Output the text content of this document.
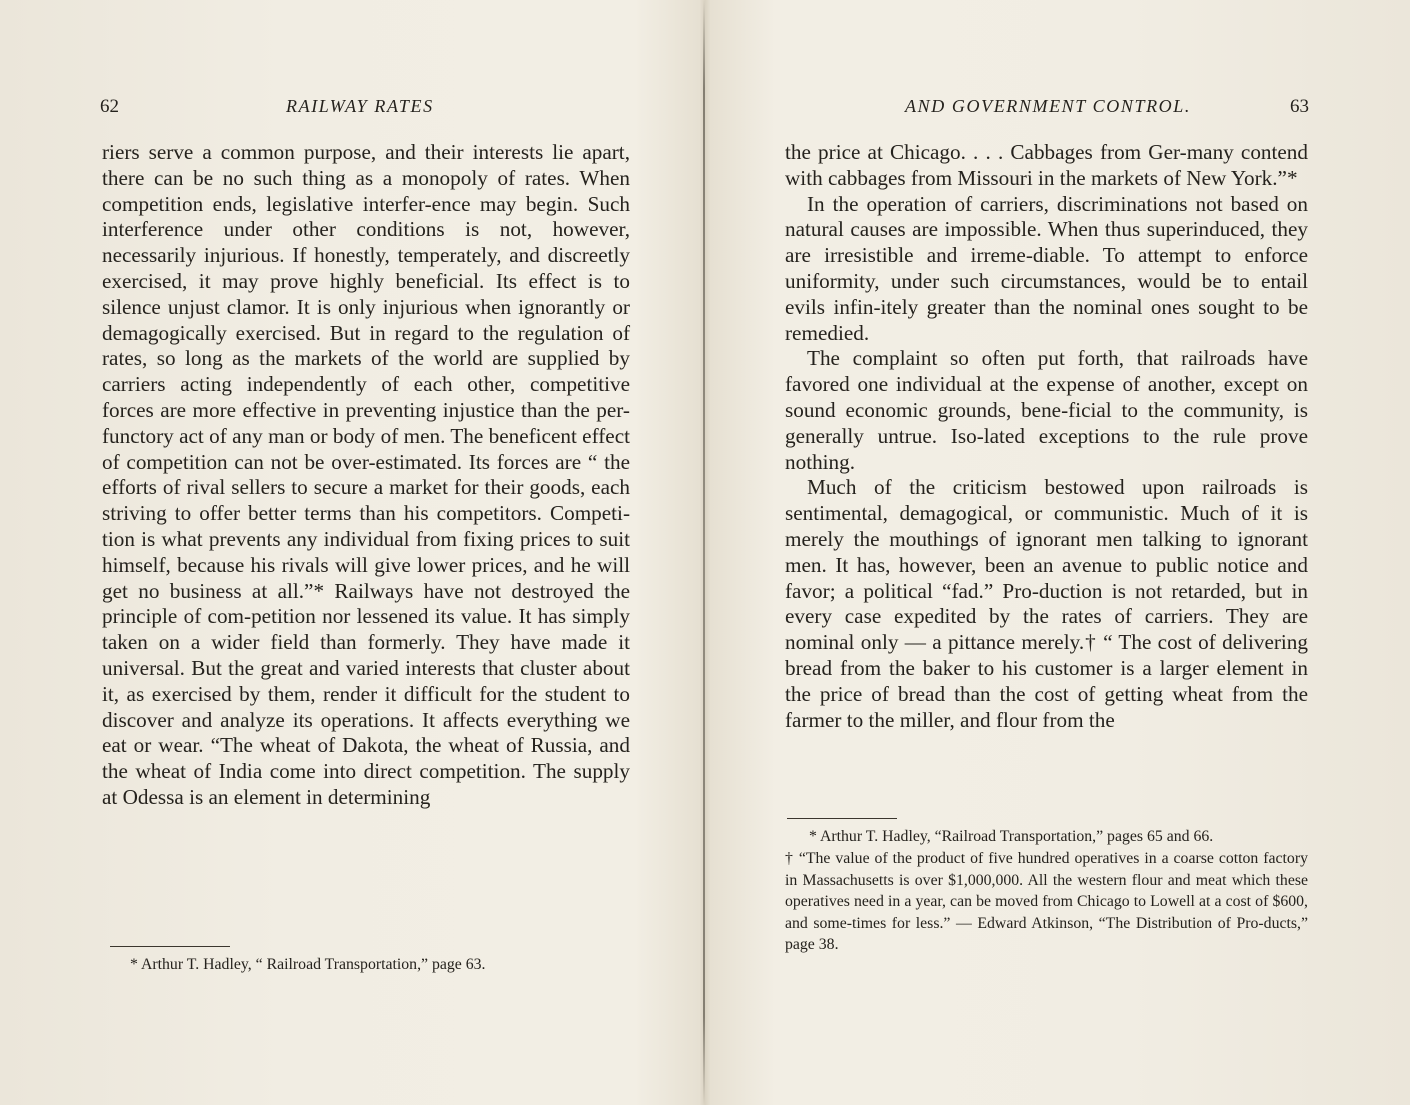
62	RAILWAY RATES

riers serve a common purpose, and their interests lie apart, there can be no such thing as a monopoly of rates. When competition ends, legislative interfer-ence may begin. Such interference under other conditions is not, however, necessarily injurious. If honestly, temperately, and discreetly exercised, it may prove highly beneficial. Its effect is to silence unjust clamor. It is only injurious when ignorantly or demagogically exercised. But in regard to the regulation of rates, so long as the markets of the world are supplied by carriers acting independently of each other, competitive forces are more effective in preventing injustice than the per-functory act of any man or body of men. The beneficent effect of competition can not be over-estimated. Its forces are “ the efforts of rival sellers to secure a market for their goods, each striving to offer better terms than his competitors. Competi-tion is what prevents any individual from fixing prices to suit himself, because his rivals will give lower prices, and he will get no business at all.”* Railways have not destroyed the principle of com-petition nor lessened its value. It has simply taken on a wider field than formerly. They have made it universal. But the great and varied interests that cluster about it, as exercised by them, render it difficult for the student to discover and analyze its operations. It affects everything we eat or wear. “The wheat of Dakota, the wheat of Russia, and the wheat of India come into direct competition. The supply at Odessa is an element in determining

* Arthur T. Hadley, “ Railroad Transportation,” page 63.

AND GOVERNMENT CONTROL.	63

the price at Chicago. . . . Cabbages from Ger-many contend with cabbages from Missouri in the markets of New York.”*

In the operation of carriers, discriminations not based on natural causes are impossible. When thus superinduced, they are irresistible and irreme-diable. To attempt to enforce uniformity, under such circumstances, would be to entail evils infin-itely greater than the nominal ones sought to be remedied.

The complaint so often put forth, that railroads have favored one individual at the expense of another, except on sound economic grounds, bene-ficial to the community, is generally untrue. Iso-lated exceptions to the rule prove nothing.

Much of the criticism bestowed upon railroads is sentimental, demagogical, or communistic. Much of it is merely the mouthings of ignorant men talking to ignorant men. It has, however, been an avenue to public notice and favor; a political “fad.” Pro-duction is not retarded, but in every case expedited by the rates of carriers. They are nominal only — a pittance merely.† “ The cost of delivering bread from the baker to his customer is a larger element in the price of bread than the cost of getting wheat from the farmer to the miller, and flour from the

* Arthur T. Hadley, “Railroad Transportation,” pages 65 and 66.

† “The value of the product of five hundred operatives in a coarse cotton factory in Massachusetts is over $1,000,000. All the western flour and meat which these operatives need in a year, can be moved from Chicago to Lowell at a cost of $600, and some-times for less.” — Edward Atkinson, “The Distribution of Pro-ducts,” page 38.
